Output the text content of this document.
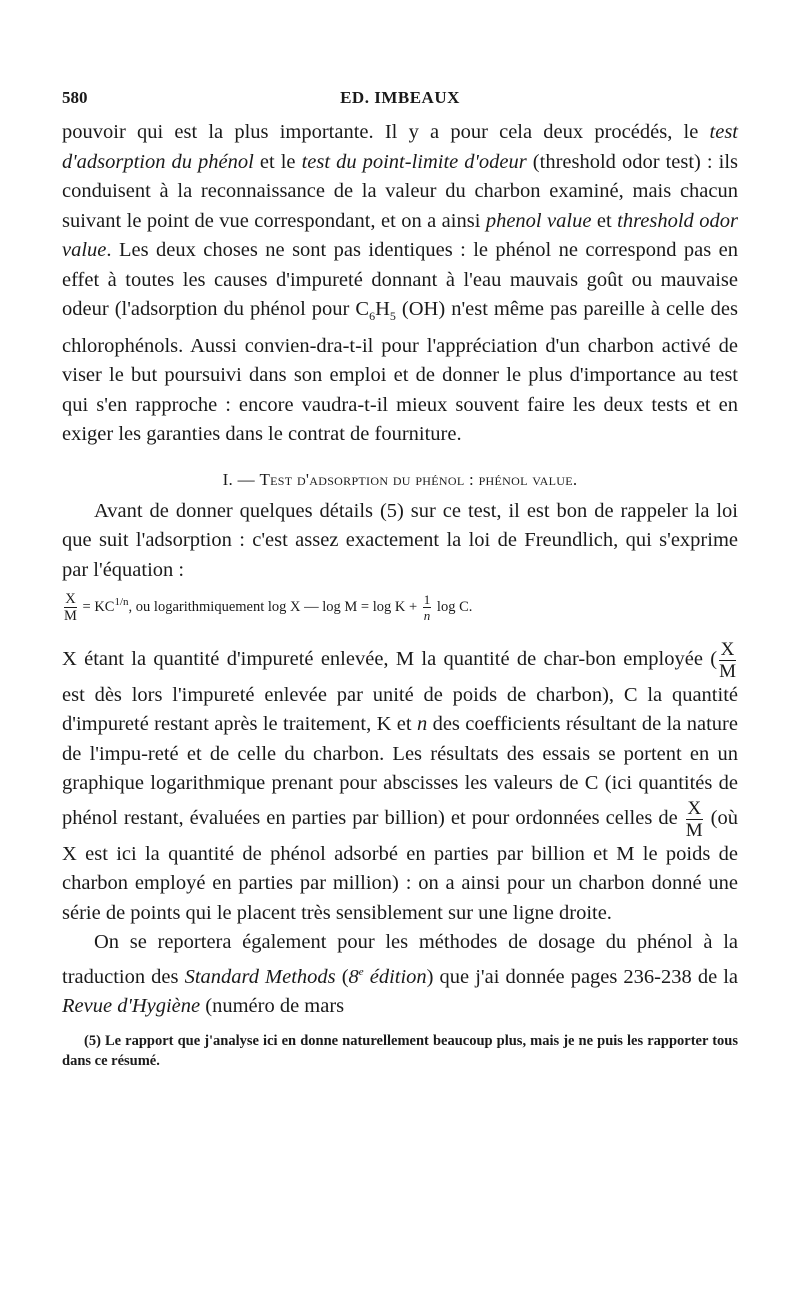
580	ED. IMBEAUX

pouvoir qui est la plus importante. Il y a pour cela deux procédés, le test d'adsorption du phénol et le test du point-limite d'odeur (threshold odor test) : ils conduisent à la reconnaissance de la valeur du charbon examiné, mais chacun suivant le point de vue correspondant, et on a ainsi phenol value et threshold odor value. Les deux choses ne sont pas identiques : le phénol ne correspond pas en effet à toutes les causes d'impureté donnant à l'eau mauvais goût ou mauvaise odeur (l'adsorption du phénol pour $C_6H_5$ (OH) n'est même pas pareille à celle des chlorophénols. Aussi convien-dra-t-il pour l'appréciation d'un charbon activé de viser le but poursuivi dans son emploi et de donner le plus d'importance au test qui s'en rapproche : encore vaudra-t-il mieux souvent faire les deux tests et en exiger les garanties dans le contrat de fourniture.

I. — Test d'adsorption du phénol : phénol value.

Avant de donner quelques détails (5) sur ce test, il est bon de rappeler la loi que suit l'adsorption : c'est assez exactement la loi de Freundlich, qui s'exprime par l'équation :

$\frac{X}{M} = KC^{1/n}$, ou logarithmiquement log X — $\log M = \log K + \frac{1}{n}$ log C.

X étant la quantité d'impureté enlevée, M la quantité de char-bon employée ( $\frac{X}{M}$
est dès lors l'impureté enlevée par unité de poids de charbon), C la quantité d'impureté restant après le traitement, K et n des coefficients résultant de la nature de l'impu-reté et de celle du charbon. Les résultats des essais se portent en un graphique logarithmique prenant pour abscisses les valeurs de C (ici quantités de phénol restant, évaluées en parties par billion) et pour ordonnées celles de $\frac{X}{M}$ (où X est ici la quantité de phénol adsorbé en parties par billion et M le poids de charbon employé en parties par million) : on a ainsi pour un charbon donné une série de points qui le placent très sensiblement sur une ligne droite.

On se reportera également pour les méthodes de dosage du phénol à la traduction des Standard Methods (8e édition) que j'ai donnée pages 236-238 de la Revue d'Hygiène (numéro de mars

(5) Le rapport que j'analyse ici en donne naturellement beaucoup plus, mais je ne puis les rapporter tous dans ce résumé.
